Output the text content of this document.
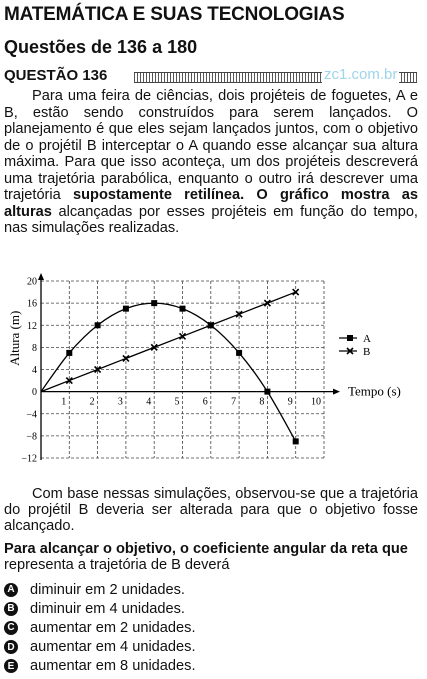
MATEMÁTICA E SUAS TECNOLOGIAS
Questões de 136 a 180
QUESTÃO 136	zc1.com.br
Para uma feira de ciências, dois projéteis de foguetes, A e B, estão sendo construídos para serem lançados. O planejamento é que eles sejam lançados juntos, com o objetivo de o projétil B interceptar o A quando esse alcançar sua altura máxima. Para que isso aconteça, um dos projéteis descreverá uma trajetória parabólica, enquanto o outro irá descrever uma trajetória supostamente retilínea. O gráfico mostra as alturas alcançadas por esses projéteis em função do tempo, nas simulações realizadas.
1 2 3 4 5 6 7 8 9 10
20
16
12
8
4
0
−4
−8
−12
A
B
Tempo (s)
Altura (m)
Com base nessas simulações, observou-se que a trajetória do projétil B deveria ser alterada para que o objetivo fosse alcançado.
Para alcançar o objetivo, o coeficiente angular da reta que representa a trajetória de B deverá
A diminuir em 2 unidades.
B diminuir em 4 unidades.
C aumentar em 2 unidades.
D aumentar em 4 unidades.
E aumentar em 8 unidades.
